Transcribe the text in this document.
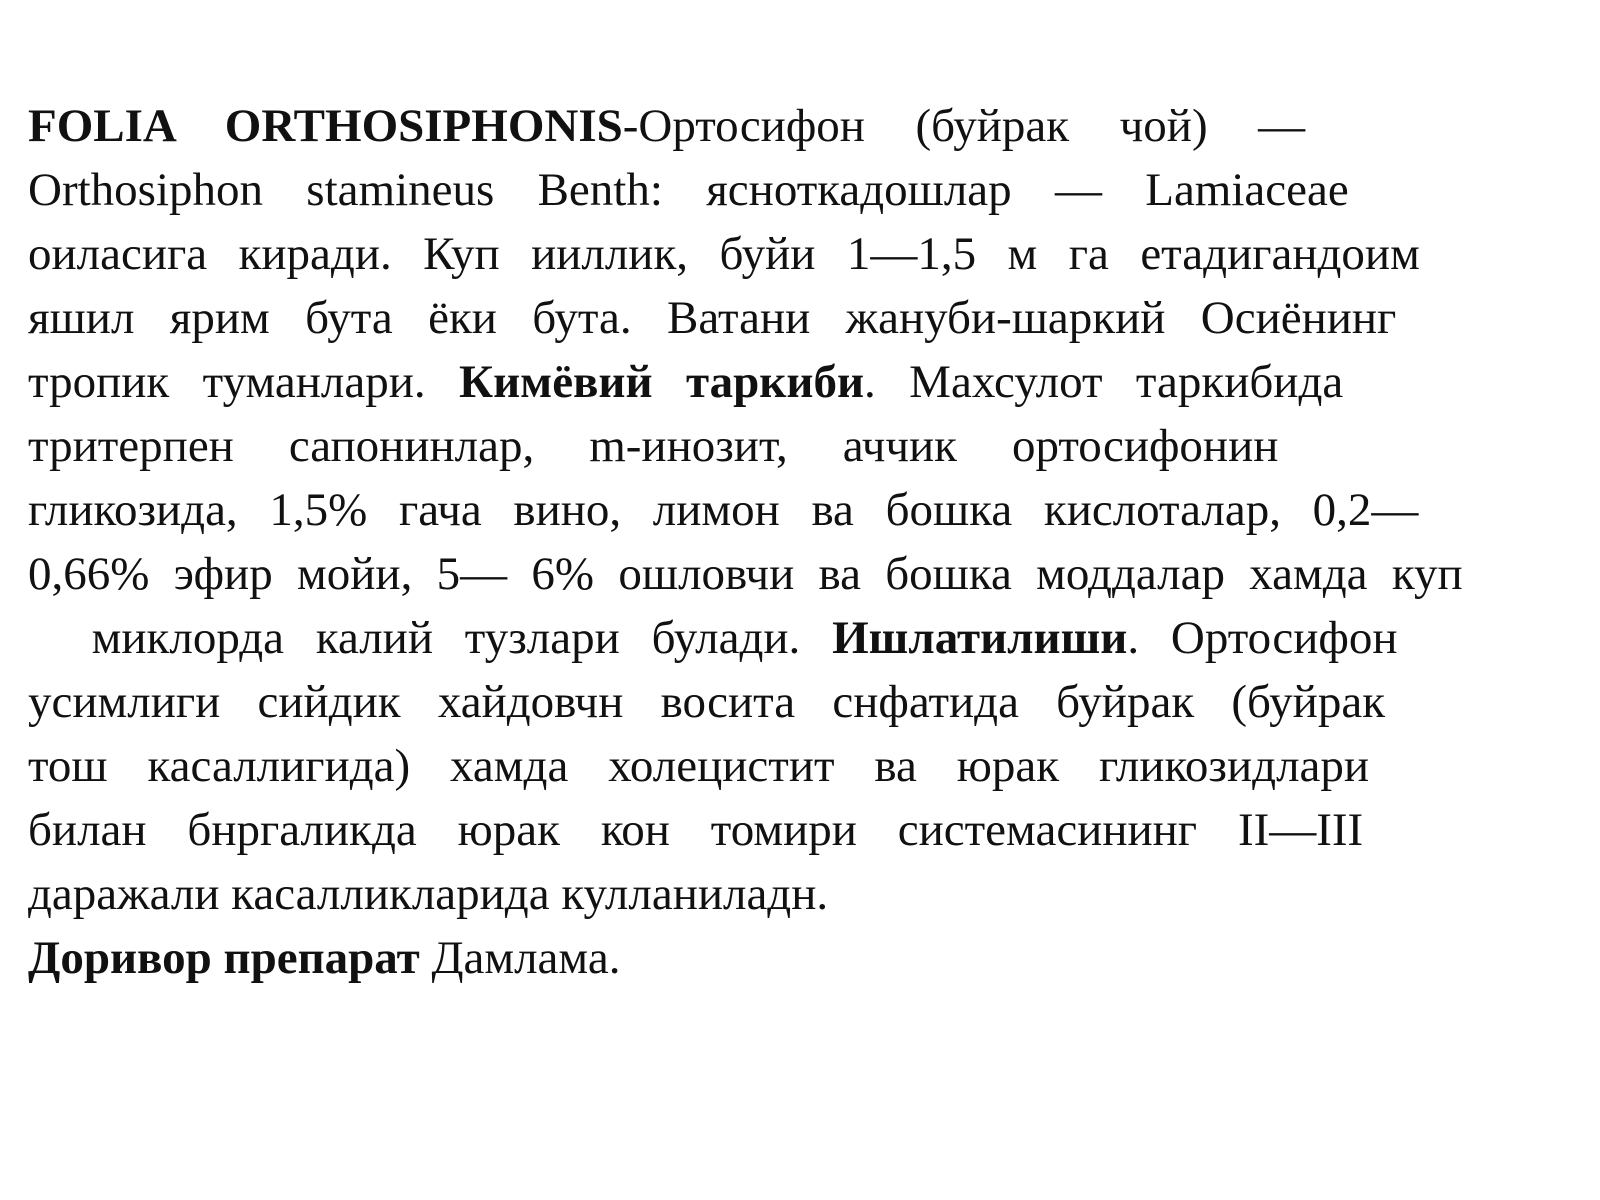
FOLIA ORTHOSIPHONIS-Ортосифон (буйрак чой) —
Orthosiphon stamineus Benth: ясноткадошлар — Lamiaceae
оиласига киради. Куп ииллик, буйи 1—1,5 м га етадигандоим
яшил ярим бута ёки бута. Ватани жануби-шаркий Осиёнинг
тропик туманлари. Кимёвий таркиби. Махсулот таркибида
тритерпен сапонинлар, m-инозит, аччик ортосифонин
гликозида, 1,5% гача вино, лимон ва бошка кислоталар, 0,2—
0,66% эфир мойи, 5— 6% ошловчи ва бошка моддалар хамда куп
миклорда калий тузлари булади. Ишлатилиши. Ортосифон
усимлиги сийдик хайдовчн восита снфатида буйрак (буйрак
тош касаллигида) хамда холецистит ва юрак гликозидлари
билан бнргаликда юрак кон томири системасининг II—III
даражали касалликларида кулланиладн.
Доривор препарат Дамлама.
